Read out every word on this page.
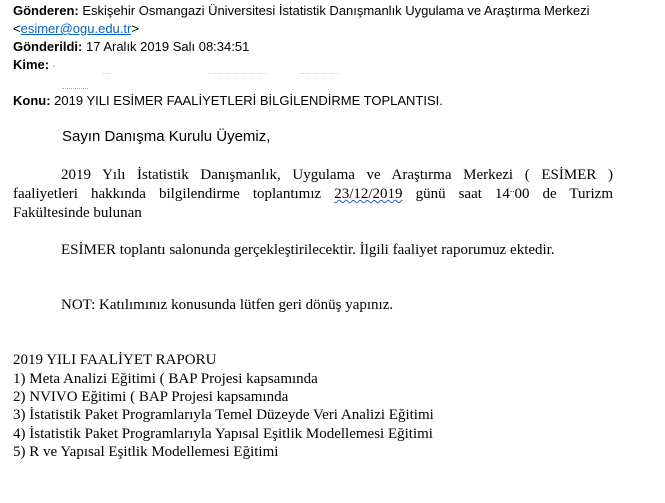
Gönderen: Eskişehir Osmangazi Üniversitesi İstatistik Danışmanlık Uygulama ve Araştırma Merkezi
<esimer@ogu.edu.tr>
Gönderildi: 17 Aralık 2019 Salı 08:34:51
Kime:
Konu: 2019 YILI ESİMER FAALİYETLERİ BİLGİLENDİRME TOPLANTISI.
Sayın Danışma Kurulu Üyemiz,
2019 Yılı İstatistik Danışmanlık, Uygulama ve Araştırma Merkezi ( ESİMER )
faaliyetleri hakkında bilgilendirme toplantımız 23/12/2019 günü saat 14..00 de Turizm
Fakültesinde bulunan
ESİMER toplantı salonunda gerçekleştirilecektir. İlgili faaliyet raporumuz ektedir.
NOT: Katılımınız konusunda lütfen geri dönüş yapınız.
2019 YILI FAALİYET RAPORU
1) Meta Analizi Eğitimi ( BAP Projesi kapsamında
2) NVIVO Eğitimi ( BAP Projesi kapsamında
3) İstatistik Paket Programlarıyla Temel Düzeyde Veri Analizi Eğitimi
4) İstatistik Paket Programlarıyla Yapısal Eşitlik Modellemesi Eğitimi
5) R ve Yapısal Eşitlik Modellemesi Eğitimi
